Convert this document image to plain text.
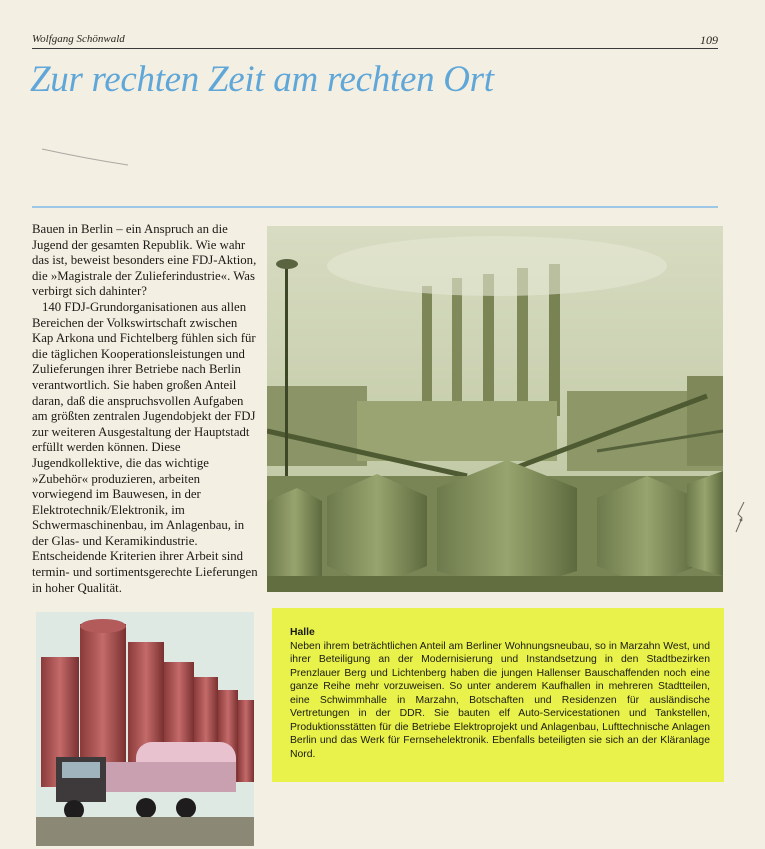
Wolfgang Schönwald	109
Zur rechten Zeit am rechten Ort

Bauen in Berlin – ein Anspruch an die Jugend der gesamten Republik. Wie wahr das ist, beweist besonders eine FDJ-Aktion, die »Magistrale der Zulieferindustrie«. Was verbirgt sich dahinter?

140 FDJ-Grundorganisationen aus allen Bereichen der Volkswirtschaft zwischen Kap Arkona und Fichtelberg fühlen sich für die täglichen Kooperationsleistungen und Zulieferungen ihrer Betriebe nach Berlin verantwortlich. Sie haben großen Anteil daran, daß die anspruchsvollen Aufgaben am größten zentralen Jugendobjekt der FDJ zur weiteren Ausgestaltung der Hauptstadt erfüllt werden können. Diese Jugendkollektive, die das wichtige »Zubehör« produzieren, arbeiten vorwiegend im Bauwesen, in der Elektrotechnik/Elektronik, im Schwermaschinenbau, im Anlagenbau, in der Glas- und Keramikindustrie. Entscheidende Kriterien ihrer Arbeit sind termin- und sortimentsgerechte Lieferungen in hoher Qualität.

Halle

Neben ihrem beträchtlichen Anteil am Berliner Wohnungsneubau, so in Marzahn West, und ihrer Beteiligung an der Modernisierung und Instandsetzung in den Stadtbezirken Prenzlauer Berg und Lichtenberg haben die jungen Hallenser Bauschaffenden noch eine ganze Reihe mehr vorzuweisen. So unter anderem Kaufhallen in mehreren Stadtteilen, eine Schwimmhalle in Marzahn, Botschaften und Residenzen für ausländische Vertretungen in der DDR. Sie bauten elf Auto-Servicestationen und Tankstellen, Produktionsstätten für die Betriebe Elektroprojekt und Anlagenbau, Lufttechnische Anlagen Berlin und das Werk für Fernsehelektronik. Ebenfalls beteiligten sie sich an der Kläranlage Nord.
